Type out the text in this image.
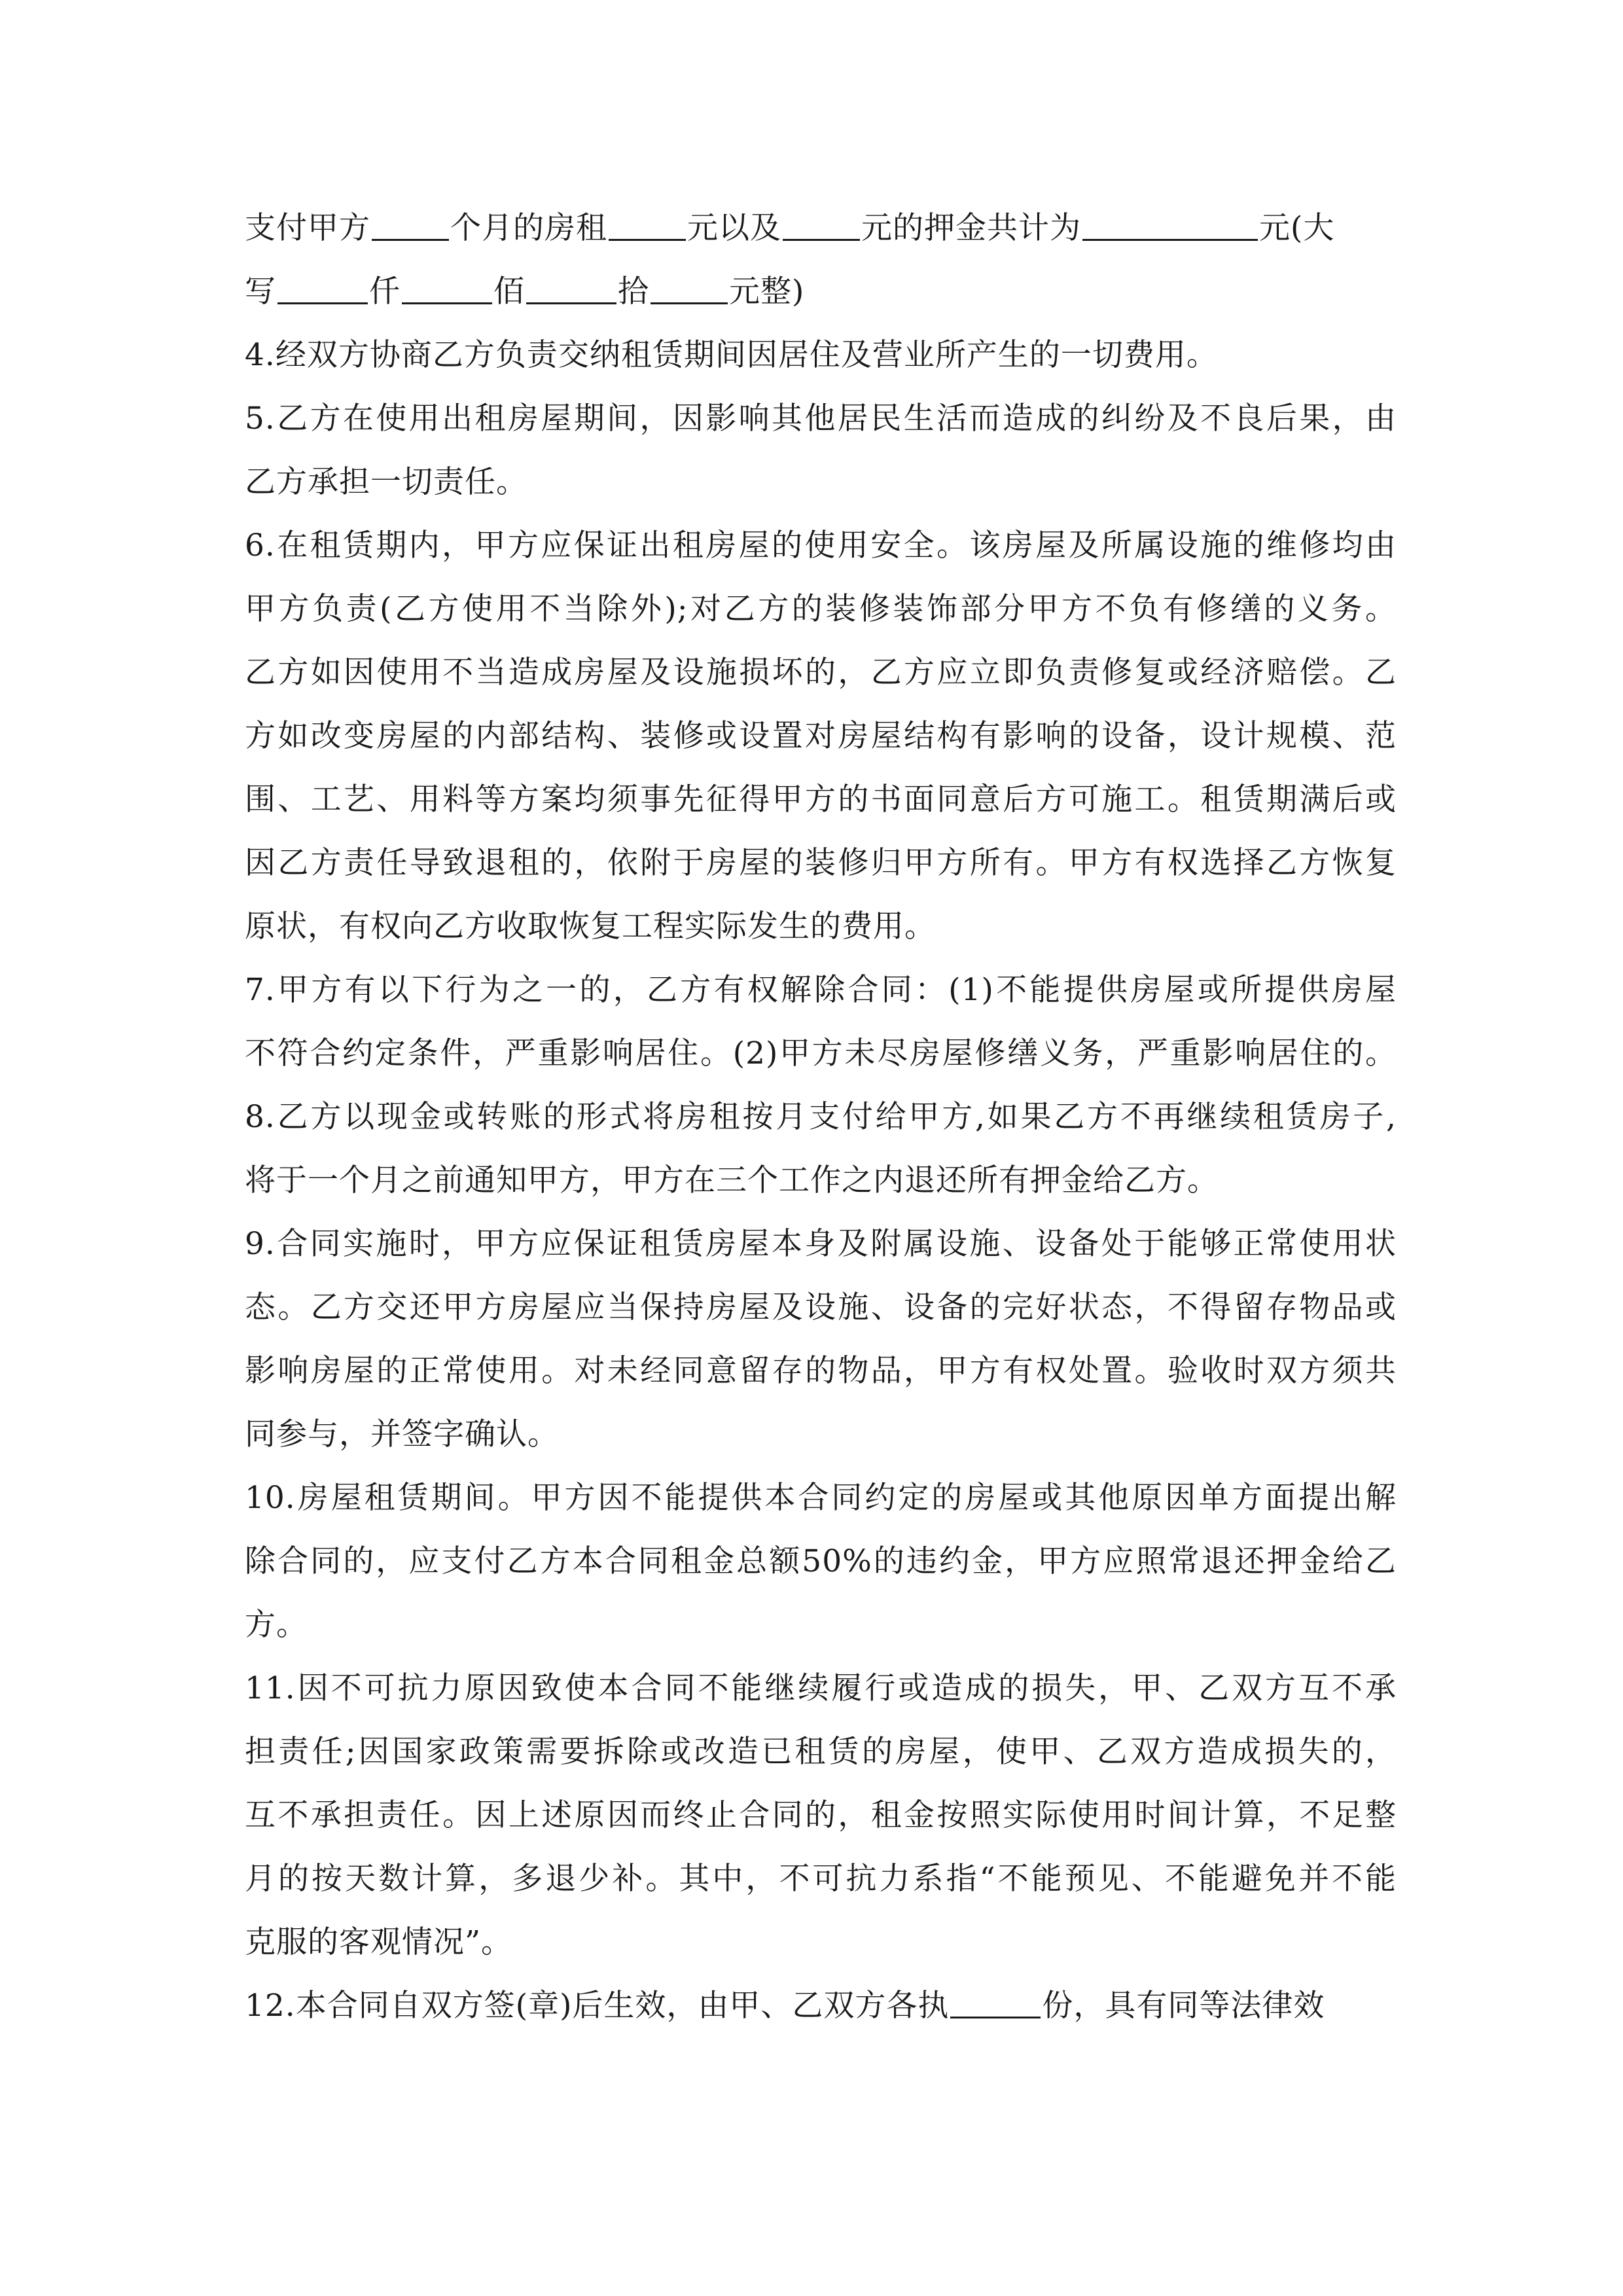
支付甲方	个月的房租	元以及	元的押金共计为	元(大
写	仟	佰	拾	元整)
4.经双方协商乙方负责交纳租赁期间因居住及营业所产生的一切费用。
5.乙方在使用出租房屋期间，因影响其他居民生活而造成的纠纷及不良后果，由
乙方承担一切责任。
6.在租赁期内，甲方应保证出租房屋的使用安全。该房屋及所属设施的维修均由
甲方负责(乙方使用不当除外);对乙方的装修装饰部分甲方不负有修缮的义务。
乙方如因使用不当造成房屋及设施损坏的，乙方应立即负责修复或经济赔偿。乙
方如改变房屋的内部结构、装修或设置对房屋结构有影响的设备，设计规模、范
围、工艺、用料等方案均须事先征得甲方的书面同意后方可施工。租赁期满后或
因乙方责任导致退租的，依附于房屋的装修归甲方所有。甲方有权选择乙方恢复
原状，有权向乙方收取恢复工程实际发生的费用。
7.甲方有以下行为之一的，乙方有权解除合同：(1)不能提供房屋或所提供房屋
不符合约定条件，严重影响居住。(2)甲方未尽房屋修缮义务，严重影响居住的。
8.乙方以现金或转账的形式将房租按月支付给甲方,如果乙方不再继续租赁房子,
将于一个月之前通知甲方，甲方在三个工作之内退还所有押金给乙方。
9.合同实施时，甲方应保证租赁房屋本身及附属设施、设备处于能够正常使用状
态。乙方交还甲方房屋应当保持房屋及设施、设备的完好状态，不得留存物品或
影响房屋的正常使用。对未经同意留存的物品，甲方有权处置。验收时双方须共
同参与，并签字确认。
10.房屋租赁期间。甲方因不能提供本合同约定的房屋或其他原因单方面提出解
除合同的，应支付乙方本合同租金总额50%的违约金，甲方应照常退还押金给乙
方。
11.因不可抗力原因致使本合同不能继续履行或造成的损失，甲、乙双方互不承
担责任;因国家政策需要拆除或改造已租赁的房屋，使甲、乙双方造成损失的，
互不承担责任。因上述原因而终止合同的，租金按照实际使用时间计算，不足整
月的按天数计算，多退少补。其中，不可抗力系指“不能预见、不能避免并不能
克服的客观情况”。
12.本合同自双方签(章)后生效，由甲、乙双方各执	份，具有同等法律效
